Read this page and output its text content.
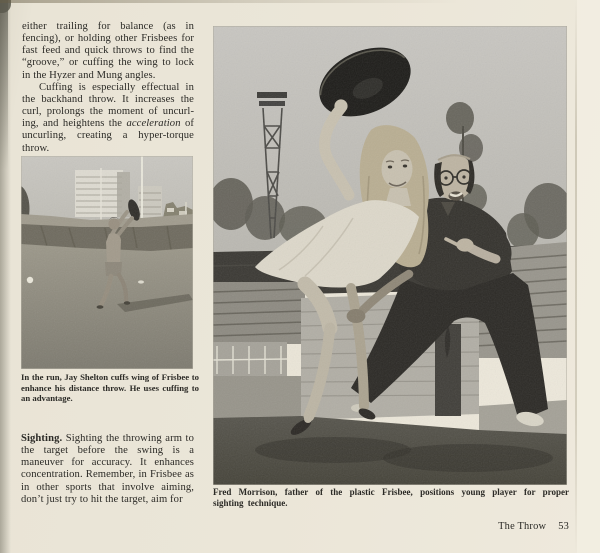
either trailing for balance (as in fencing), or holding other Frisbees for fast feed and quick throws to find the “groove,” or cuffing the wing to lock in the Hyzer and Mung angles.

Cuffing is especially effectual in the backhand throw. It increases the curl, prolongs the moment of uncurling, and heightens the acceleration of uncurling, creating a hyper-torque throw.

In the run, Jay Shelton cuffs wing of Frisbee to enhance his distance throw. He uses cuffing to an advantage.

Sighting. Sighting the throwing arm to the target before the swing is a maneuver for accuracy. It enhances concentration. Remember, in Frisbee as in other sports that involve aiming, don’t just try to hit the target, aim for

Fred Morrison, father of the plastic Frisbee, positions young player for proper sighting technique.
The Throw 53
